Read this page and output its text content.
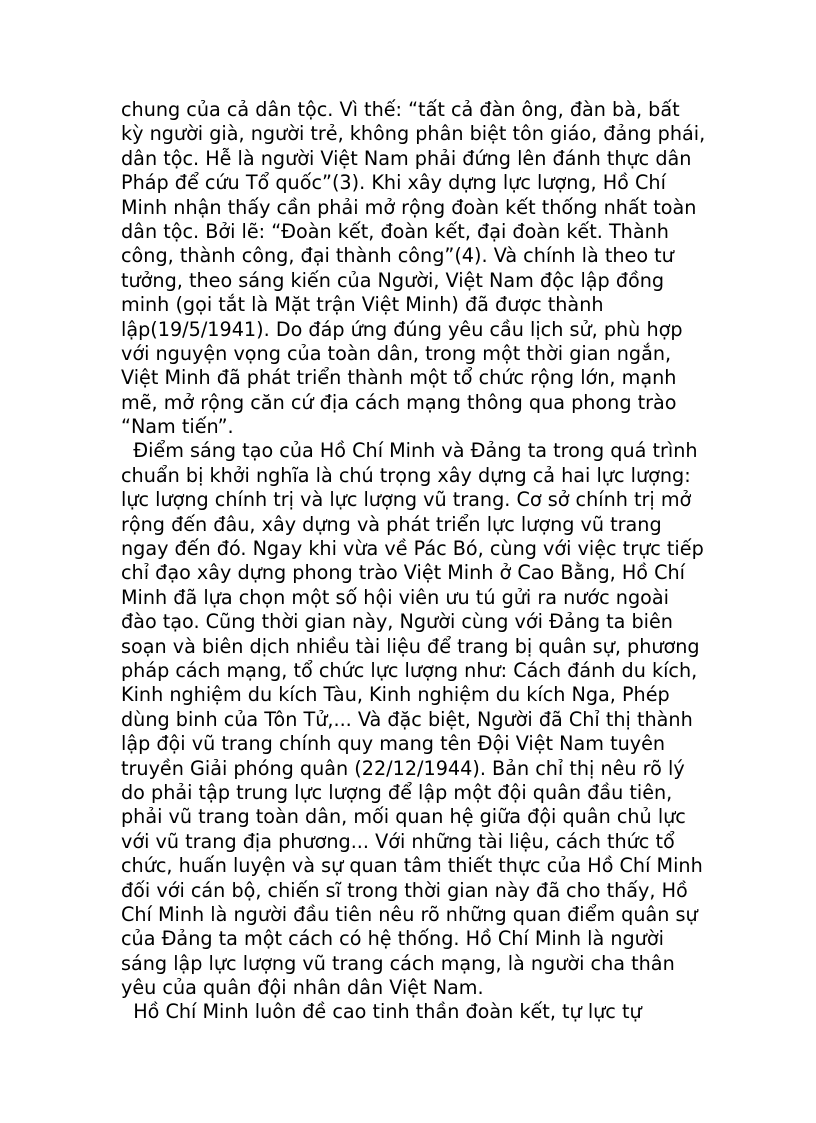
chung của cả dân tộc. Vì thế: “tất cả đàn ông, đàn bà, bất
kỳ người già, người trẻ, không phân biệt tôn giáo, đảng phái,
dân tộc. Hễ là người Việt Nam phải đứng lên đánh thực dân
Pháp để cứu Tổ quốc”(3). Khi xây dựng lực lượng, Hồ Chí
Minh nhận thấy cần phải mở rộng đoàn kết thống nhất toàn
dân tộc. Bởi lẽ: “Đoàn kết, đoàn kết, đại đoàn kết. Thành
công, thành công, đại thành công”(4). Và chính là theo tư
tưởng, theo sáng kiến của Người, Việt Nam độc lập đồng
minh (gọi tắt là Mặt trận Việt Minh) đã được thành
lập(19/5/1941). Do đáp ứng đúng yêu cầu lịch sử, phù hợp
với nguyện vọng của toàn dân, trong một thời gian ngắn,
Việt Minh đã phát triển thành một tổ chức rộng lớn, mạnh
mẽ, mở rộng căn cứ địa cách mạng thông qua phong trào
“Nam tiến”.
Điểm sáng tạo của Hồ Chí Minh và Đảng ta trong quá trình
chuẩn bị khởi nghĩa là chú trọng xây dựng cả hai lực lượng:
lực lượng chính trị và lực lượng vũ trang. Cơ sở chính trị mở
rộng đến đâu, xây dựng và phát triển lực lượng vũ trang
ngay đến đó. Ngay khi vừa về Pác Bó, cùng với việc trực tiếp
chỉ đạo xây dựng phong trào Việt Minh ở Cao Bằng, Hồ Chí
Minh đã lựa chọn một số hội viên ưu tú gửi ra nước ngoài
đào tạo. Cũng thời gian này, Người cùng với Đảng ta biên
soạn và biên dịch nhiều tài liệu để trang bị quân sự, phương
pháp cách mạng, tổ chức lực lượng như: Cách đánh du kích,
Kinh nghiệm du kích Tàu, Kinh nghiệm du kích Nga, Phép
dùng binh của Tôn Tử,... Và đặc biệt, Người đã Chỉ thị thành
lập đội vũ trang chính quy mang tên Đội Việt Nam tuyên
truyền Giải phóng quân (22/12/1944). Bản chỉ thị nêu rõ lý
do phải tập trung lực lượng để lập một đội quân đầu tiên,
phải vũ trang toàn dân, mối quan hệ giữa đội quân chủ lực
với vũ trang địa phương... Với những tài liệu, cách thức tổ
chức, huấn luyện và sự quan tâm thiết thực của Hồ Chí Minh
đối với cán bộ, chiến sĩ trong thời gian này đã cho thấy, Hồ
Chí Minh là người đầu tiên nêu rõ những quan điểm quân sự
của Đảng ta một cách có hệ thống. Hồ Chí Minh là người
sáng lập lực lượng vũ trang cách mạng, là người cha thân
yêu của quân đội nhân dân Việt Nam.
Hồ Chí Minh luôn đề cao tinh thần đoàn kết, tự lực tự
